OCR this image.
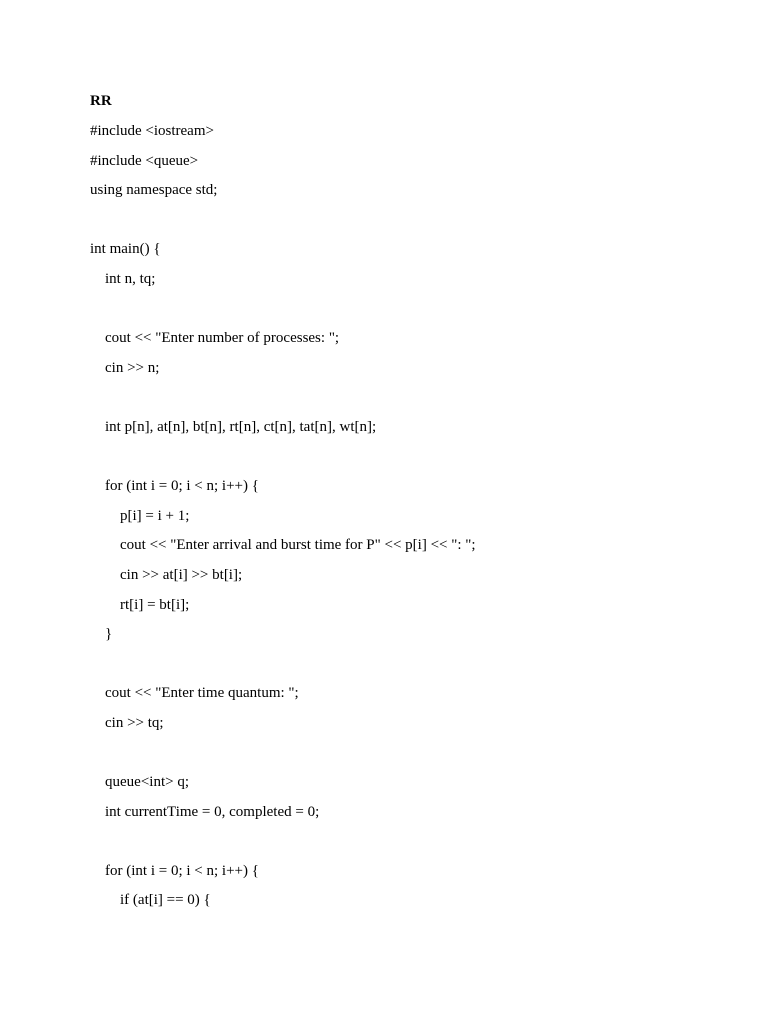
RR
#include <iostream>
#include <queue>
using namespace std;
int main() {
int n, tq;
cout << "Enter number of processes: ";
cin >> n;
int p[n], at[n], bt[n], rt[n], ct[n], tat[n], wt[n];
for (int i = 0; i < n; i++) {
p[i] = i + 1;
cout << "Enter arrival and burst time for P" << p[i] << ": ";
cin >> at[i] >> bt[i];
rt[i] = bt[i];
}
cout << "Enter time quantum: ";
cin >> tq;
queue<int> q;
int currentTime = 0, completed = 0;
for (int i = 0; i < n; i++) {
if (at[i] == 0) {
